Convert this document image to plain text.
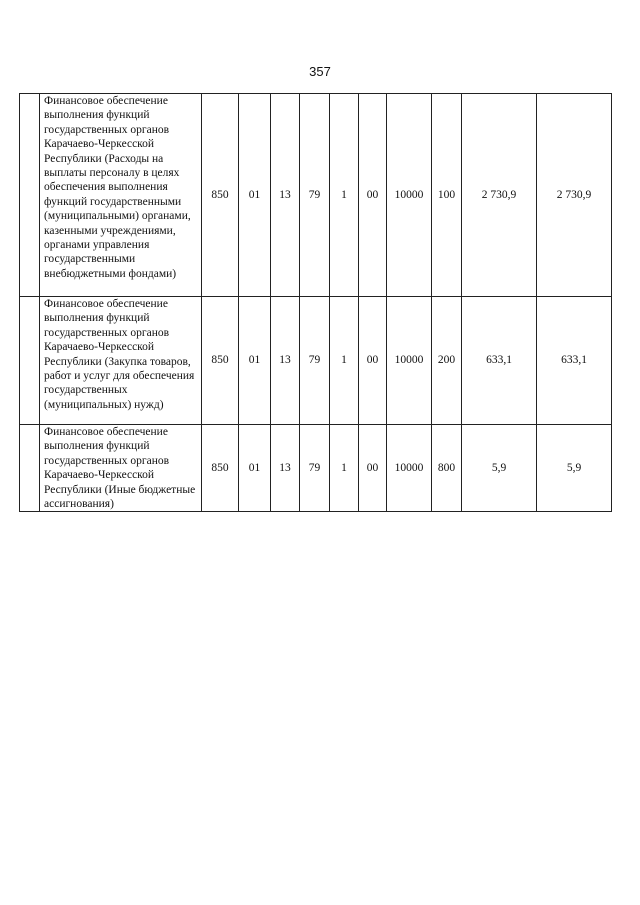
357
	Финансовое обеспечение выполнения функций государственных органов Карачаево-Черкесской Республики (Расходы на выплаты персоналу в целях обеспечения выполнения функций государственными (муниципальными) органами, казенными учреждениями, органами управления государственными внебюджетными фондами)	850	01	13	79	1	00	10000	100	2 730,9	2 730,9
	Финансовое обеспечение выполнения функций государственных органов Карачаево-Черкесской Республики (Закупка товаров, работ и услуг для обеспечения государственных (муниципальных) нужд)	850	01	13	79	1	00	10000	200	633,1	633,1
	Финансовое обеспечение выполнения функций государственных органов Карачаево-Черкесской Республики (Иные бюджетные ассигнования)	850	01	13	79	1	00	10000	800	5,9	5,9
